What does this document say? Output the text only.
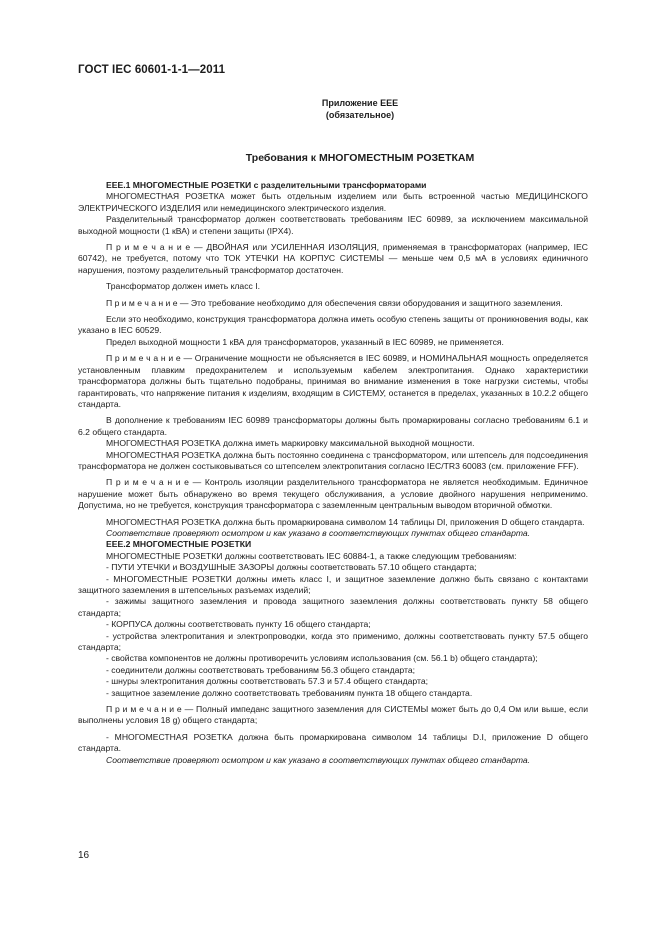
ГОСТ IEC 60601-1-1—2011
Приложение EEE
(обязательное)
Требования к МНОГОМЕСТНЫМ РОЗЕТКАМ

EEE.1 МНОГОМЕСТНЫЕ РОЗЕТКИ с разделительными трансформаторами

МНОГОМЕСТНАЯ РОЗЕТКА может быть отдельным изделием или быть встроенной частью МЕДИЦИНСКОГО ЭЛЕКТРИЧЕСКОГО ИЗДЕЛИЯ или немедицинского электрического изделия.

Разделительный трансформатор должен соответствовать требованиям IEC 60989, за исключением максимальной выходной мощности (1 кВА) и степени защиты (IPX4).

П р и м е ч а н и е — ДВОЙНАЯ или УСИЛЕННАЯ ИЗОЛЯЦИЯ, применяемая в трансформаторах (например, IEC 60742), не требуется, потому что ТОК УТЕЧКИ НА КОРПУС СИСТЕМЫ — меньше чем 0,5 мА в условиях единичного нарушения, поэтому разделительный трансформатор достаточен.

Трансформатор должен иметь класс I.

П р и м е ч а н и е — Это требование необходимо для обеспечения связи оборудования и защитного заземления.

Если это необходимо, конструкция трансформатора должна иметь особую степень защиты от проникновения воды, как указано в IEC 60529.

Предел выходной мощности 1 кВА для трансформаторов, указанный в IEC 60989, не применяется.

П р и м е ч а н и е — Ограничение мощности не объясняется в IEC 60989, и НОМИНАЛЬНАЯ мощность определяется установленным плавким предохранителем и используемым кабелем электропитания. Однако характеристики трансформатора должны быть тщательно подобраны, принимая во внимание изменения в токе нагрузки системы, чтобы гарантировать, что напряжение питания к изделиям, входящим в СИСТЕМУ, останется в пределах, указанных в 10.2.2 общего стандарта.

В дополнение к требованиям IEC 60989 трансформаторы должны быть промаркированы согласно требованиям 6.1 и 6.2 общего стандарта.

МНОГОМЕСТНАЯ РОЗЕТКА должна иметь маркировку максимальной выходной мощности.

МНОГОМЕСТНАЯ РОЗЕТКА должна быть постоянно соединена с трансформатором, или штепсель для подсоединения трансформатора не должен состыковываться со штепселем электропитания согласно IEC/TR3 60083 (см. приложение FFF).

П р и м е ч а н и е — Контроль изоляции разделительного трансформатора не является необходимым. Единичное нарушение может быть обнаружено во время текущего обслуживания, а условие двойного нарушения неприменимо. Допустима, но не требуется, конструкция трансформатора с заземленным центральным выводом вторичной обмотки.

МНОГОМЕСТНАЯ РОЗЕТКА должна быть промаркирована символом 14 таблицы DI, приложения D общего стандарта.

Соответствие проверяют осмотром и как указано в соответствующих пунктах общего стандарта.

EEE.2 МНОГОМЕСТНЫЕ РОЗЕТКИ

МНОГОМЕСТНЫЕ РОЗЕТКИ должны соответствовать IEC 60884-1, а также следующим требованиям:

- ПУТИ УТЕЧКИ и ВОЗДУШНЫЕ ЗАЗОРЫ должны соответствовать 57.10 общего стандарта;

- МНОГОМЕСТНЫЕ РОЗЕТКИ должны иметь класс I, и защитное заземление должно быть связано с контактами защитного заземления в штепсельных разъемах изделий;

- зажимы защитного заземления и провода защитного заземления должны соответствовать пункту 58 общего стандарта;

- КОРПУСА должны соответствовать пункту 16 общего стандарта;

- устройства электропитания и электропроводки, когда это применимо, должны соответствовать пункту 57.5 общего стандарта;

- свойства компонентов не должны противоречить условиям использования (см. 56.1 b) общего стандарта);

- соединители должны соответствовать требованиям 56.3 общего стандарта;

- шнуры электропитания должны соответствовать 57.3 и 57.4 общего стандарта;

- защитное заземление должно соответствовать требованиям пункта 18 общего стандарта.

П р и м е ч а н и е — Полный импеданс защитного заземления для СИСТЕМЫ может быть до 0,4 Ом или выше, если выполнены условия 18 g) общего стандарта;

- МНОГОМЕСТНАЯ РОЗЕТКА должна быть промаркирована символом 14 таблицы D.I, приложение D общего стандарта.

Соответствие проверяют осмотром и как указано в соответствующих пунктах общего стандарта.

16
